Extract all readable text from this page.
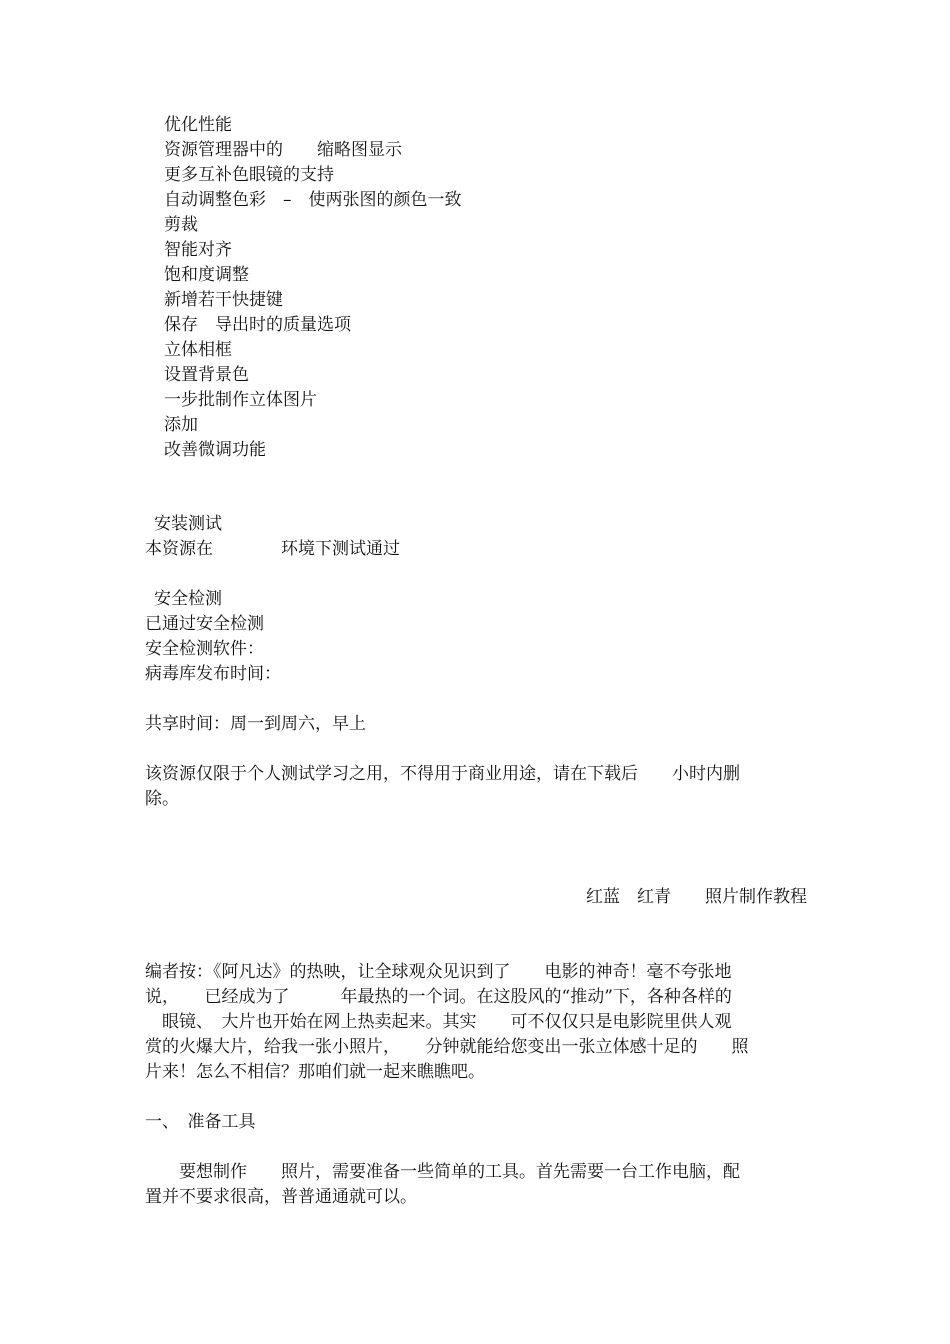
优化性能
资源管理器中的　　缩略图显示
更多互补色眼镜的支持
自动调整色彩　–　使两张图的颜色一致
剪裁
智能对齐
饱和度调整
新增若干快捷键
保存　导出时的质量选项
立体相框
设置背景色
一步批制作立体图片
添加
改善微调功能
安装测试
本资源在　　　　环境下测试通过
安全检测
已通过安全检测
安全检测软件：
病毒库发布时间：
共享时间：周一到周六，早上
该资源仅限于个人测试学习之用，不得用于商业用途，请在下载后　　小时内删
除。
红蓝　红青　　照片制作教程
编者按：《阿凡达》的热映，让全球观众见识到了　　电影的神奇！毫不夸张地
说，　　已经成为了　　　年最热的一个词。在这股风的“推动”下，各种各样的
　眼镜、　大片也开始在网上热卖起来。其实　　可不仅仅只是电影院里供人观
赏的火爆大片，给我一张小照片，　　分钟就能给您变出一张立体感十足的　　照
片来！怎么不相信？那咱们就一起来瞧瞧吧。
一、　准备工具
　　要想制作　　照片，需要准备一些简单的工具。首先需要一台工作电脑，配
置并不要求很高，普普通通就可以。
